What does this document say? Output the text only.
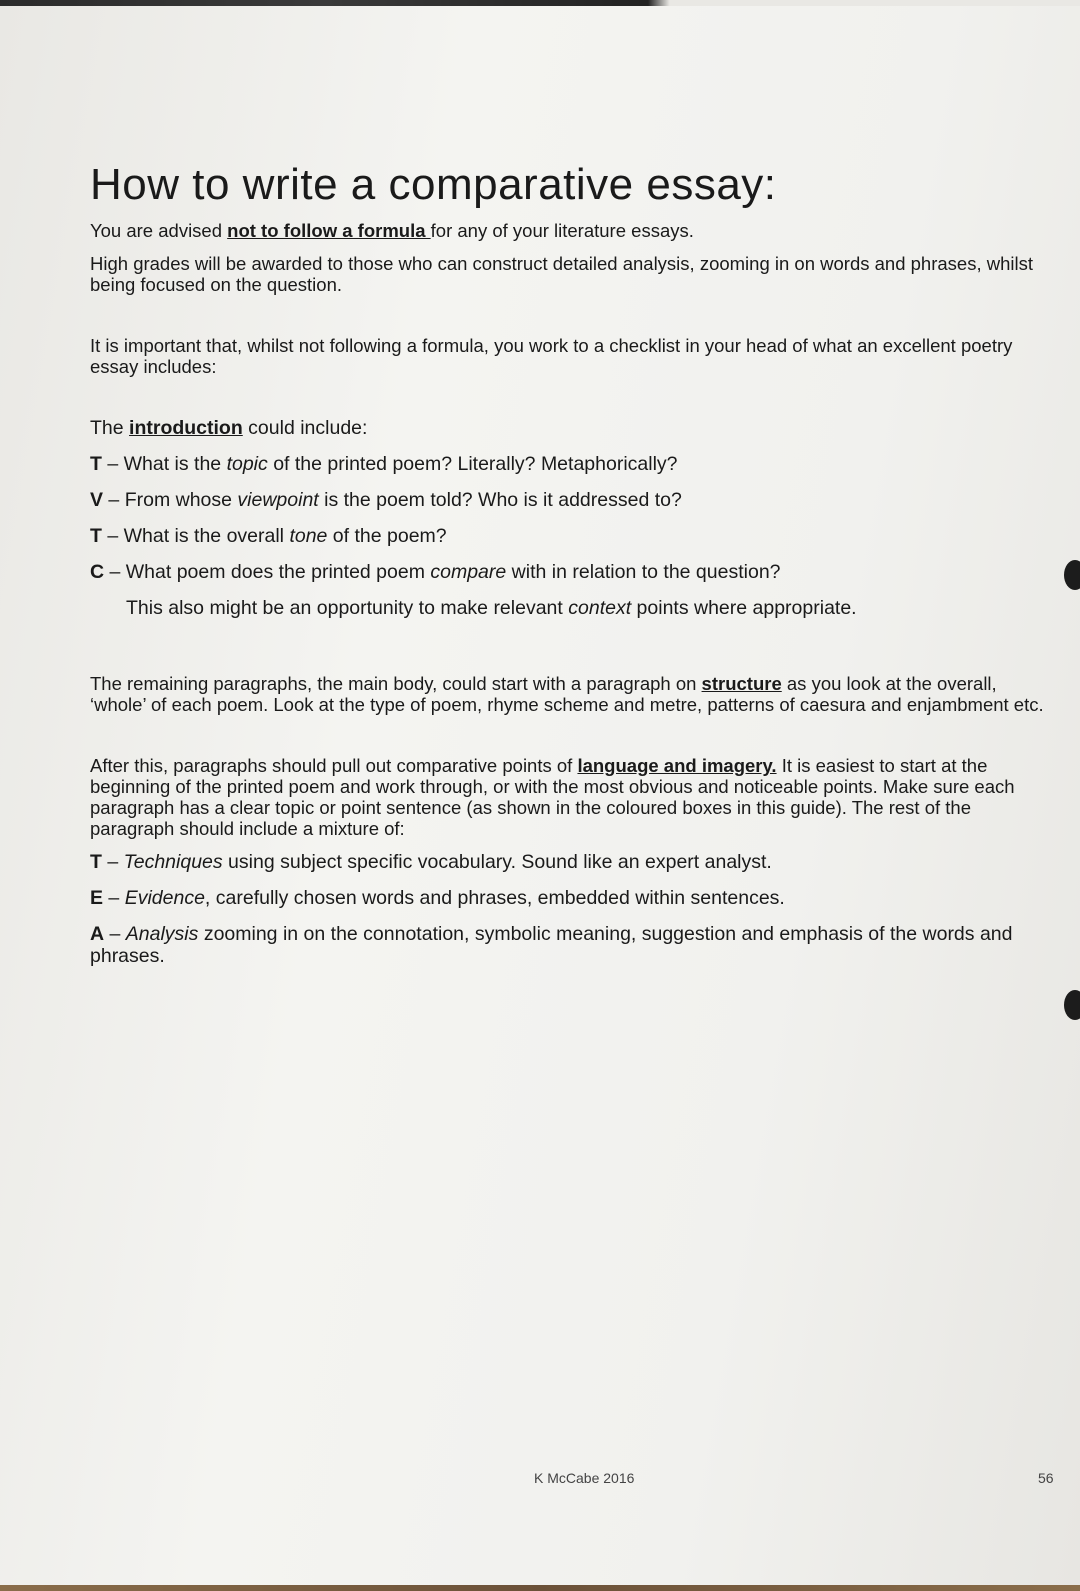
How to write a comparative essay:

You are advised not to follow a formula for any of your literature essays.

High grades will be awarded to those who can construct detailed analysis, zooming in on words and phrases, whilst being focused on the question.

It is important that, whilst not following a formula, you work to a checklist in your head of what an excellent poetry essay includes:

The introduction could include:

T – What is the topic of the printed poem? Literally? Metaphorically?

V – From whose viewpoint is the poem told? Who is it addressed to?

T – What is the overall tone of the poem?

C – What poem does the printed poem compare with in relation to the question?

This also might be an opportunity to make relevant context points where appropriate.

The remaining paragraphs, the main body, could start with a paragraph on structure as you look at the overall, ‘whole’ of each poem. Look at the type of poem, rhyme scheme and metre, patterns of caesura and enjambment etc.

After this, paragraphs should pull out comparative points of language and imagery. It is easiest to start at the beginning of the printed poem and work through, or with the most obvious and noticeable points. Make sure each paragraph has a clear topic or point sentence (as shown in the coloured boxes in this guide). The rest of the paragraph should include a mixture of:

T – Techniques using subject specific vocabulary. Sound like an expert analyst.

E – Evidence, carefully chosen words and phrases, embedded within sentences.

A – Analysis zooming in on the connotation, symbolic meaning, suggestion and emphasis of the words and phrases.

K McCabe 2016	56
